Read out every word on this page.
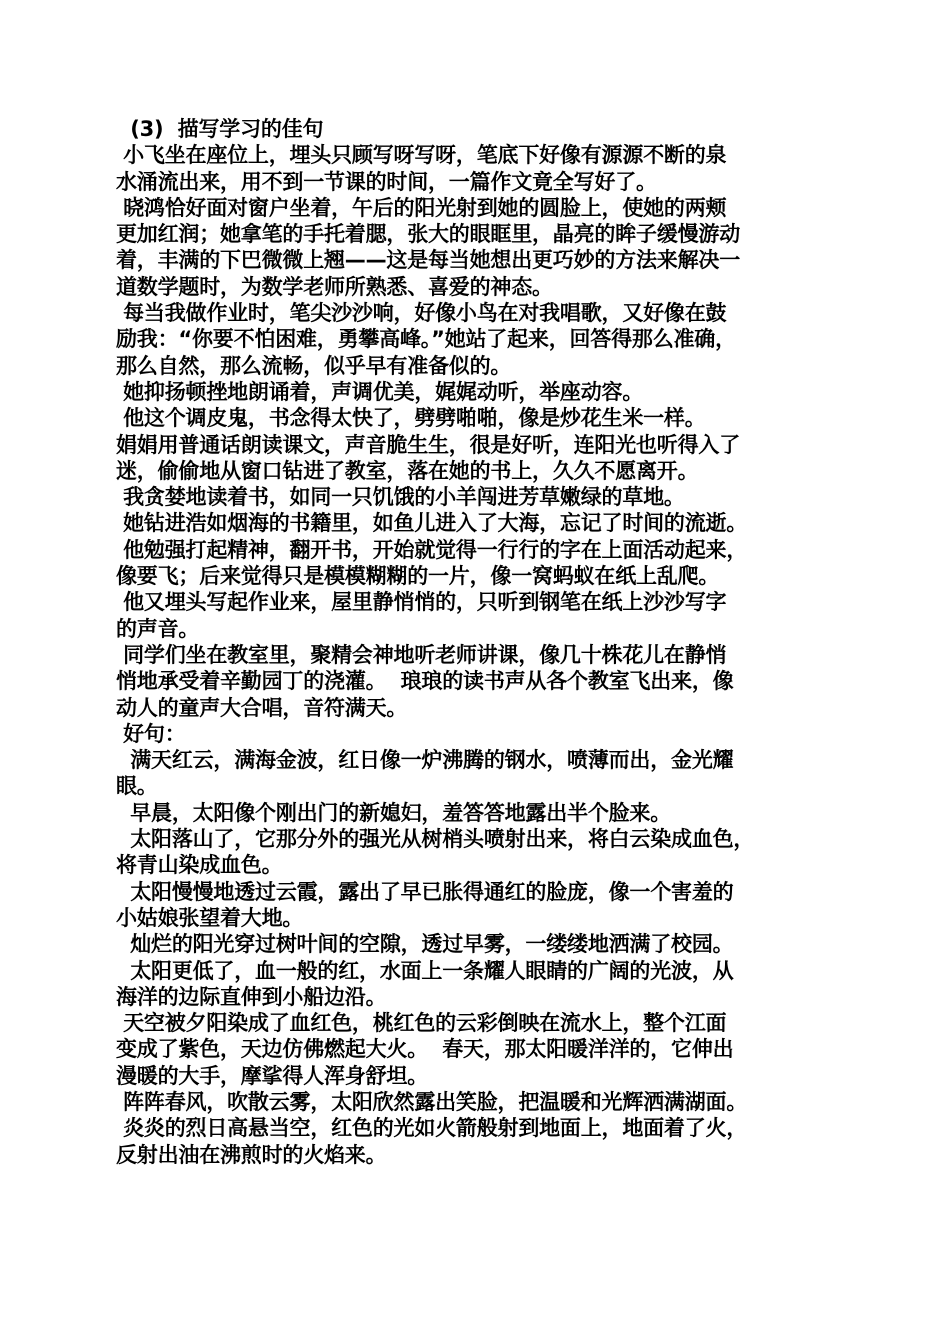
(3)  描写学习的佳句

小飞坐在座位上，埋头只顾写呀写呀，笔底下好像有源源不断的泉

水涌流出来，用不到一节课的时间，一篇作文竟全写好了。

晓鸿恰好面对窗户坐着，午后的阳光射到她的圆脸上，使她的两颊

更加红润；她拿笔的手托着腮，张大的眼眶里，晶亮的眸子缓慢游动

着，丰满的下巴微微上翘——这是每当她想出更巧妙的方法来解决一

道数学题时，为数学老师所熟悉、喜爱的神态。

每当我做作业时，笔尖沙沙响，好像小鸟在对我唱歌，又好像在鼓

励我：“你要不怕困难，勇攀高峰。”她站了起来，回答得那么准确，

那么自然，那么流畅，似乎早有准备似的。

她抑扬顿挫地朗诵着，声调优美，娓娓动听，举座动容。

他这个调皮鬼，书念得太快了，劈劈啪啪，像是炒花生米一样。

娟娟用普通话朗读课文，声音脆生生，很是好听，连阳光也听得入了

迷，偷偷地从窗口钻进了教室，落在她的书上，久久不愿离开。

我贪婪地读着书，如同一只饥饿的小羊闯进芳草嫩绿的草地。

她钻进浩如烟海的书籍里，如鱼儿进入了大海，忘记了时间的流逝。

他勉强打起精神，翻开书，开始就觉得一行行的字在上面活动起来，

像要飞；后来觉得只是模模糊糊的一片，像一窝蚂蚁在纸上乱爬。

他又埋头写起作业来，屋里静悄悄的，只听到钢笔在纸上沙沙写字

的声音。

同学们坐在教室里，聚精会神地听老师讲课，像几十株花儿在静悄

悄地承受着辛勤园丁的浇灌。  琅琅的读书声从各个教室飞出来，像

动人的童声大合唱，音符满天。

好句：

满天红云，满海金波，红日像一炉沸腾的钢水，喷薄而出，金光耀

眼。

早晨，太阳像个刚出门的新媳妇，羞答答地露出半个脸来。

太阳落山了，它那分外的强光从树梢头喷射出来，将白云染成血色，

将青山染成血色。

太阳慢慢地透过云霞，露出了早已胀得通红的脸庞，像一个害羞的

小姑娘张望着大地。

灿烂的阳光穿过树叶间的空隙，透过早雾，一缕缕地洒满了校园。

太阳更低了，血一般的红，水面上一条耀人眼睛的广阔的光波，从

海洋的边际直伸到小船边沿。

天空被夕阳染成了血红色，桃红色的云彩倒映在流水上，整个江面

变成了紫色，天边仿佛燃起大火。  春天，那太阳暖洋洋的，它伸出

漫暖的大手，摩挲得人浑身舒坦。

阵阵春风，吹散云雾，太阳欣然露出笑脸，把温暖和光辉洒满湖面。

炎炎的烈日高悬当空，红色的光如火箭般射到地面上，地面着了火，

反射出油在沸煎时的火焰来。
